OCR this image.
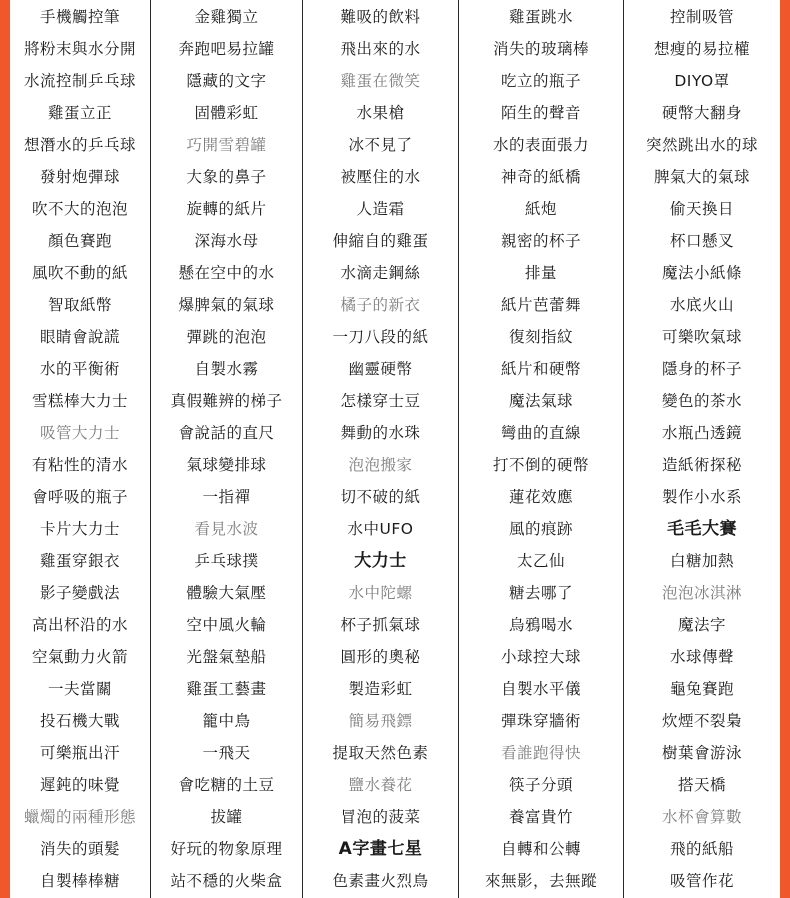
手機觸控筆
將粉末與水分開
水流控制乒乓球
雞蛋立正
想潛水的乒乓球
發射炮彈球
吹不大的泡泡
顏色賽跑
風吹不動的紙
智取紙幣
眼睛會說謊
水的平衡術
雪糕棒大力士
吸管大力士
有粘性的清水
會呼吸的瓶子
卡片大力士
雞蛋穿銀衣
影子變戲法
高出杯沿的水
空氣動力火箭
一夫當關
投石機大戰
可樂瓶出汗
遲鈍的味覺
蠟燭的兩種形態
消失的頭髮
自製棒棒糖
金雞獨立
奔跑吧易拉罐
隱藏的文字
固體彩虹
巧開雪碧罐
大象的鼻子
旋轉的紙片
深海水母
懸在空中的水
爆脾氣的氣球
彈跳的泡泡
自製水霧
真假難辨的梯子
會說話的直尺
氣球變排球
一指禪
看見水波
乒乓球撲
體驗大氣壓
空中風火輪
光盤氣墊船
雞蛋工藝畫
籠中鳥
一飛天
會吃糖的土豆
拔罐
好玩的物象原理
站不穩的火柴盒
難吸的飲料
飛出來的水
雞蛋在微笑
水果槍
冰不見了
被壓住的水
人造霜
伸縮自的雞蛋
水滴走鋼絲
橘子的新衣
一刀八段的紙
幽靈硬幣
怎樣穿士豆
舞動的水珠
泡泡搬家
切不破的紙
水中UFO
大力士
水中陀螺
杯子抓氣球
圓形的奧秘
製造彩虹
簡易飛鏢
提取天然色素
鹽水養花
冒泡的菠菜
A字畫七星
色素畫火烈鳥
雞蛋跳水
消失的玻璃棒
吃立的瓶子
陌生的聲音
水的表面張力
神奇的紙橋
紙炮
親密的杯子
排量
紙片芭蕾舞
復刻指紋
紙片和硬幣
魔法氣球
彎曲的直線
打不倒的硬幣
蓮花效應
風的痕跡
太乙仙
糖去哪了
烏鴉喝水
小球控大球
自製水平儀
彈珠穿牆術
看誰跑得快
筷子分頭
養富貴竹
自轉和公轉
來無影，去無蹤
控制吸管
想瘦的易拉權
DIYO罩
硬幣大翻身
突然跳出水的球
脾氣大的氣球
偷天換日
杯口懸叉
魔法小紙條
水底火山
可樂吹氣球
隱身的杯子
變色的茶水
水瓶凸透鏡
造紙術探秘
製作小水系
毛毛大賽
白糖加熱
泡泡冰淇淋
魔法字
水球傳聲
龜兔賽跑
炊煙不裂梟
樹葉會游泳
搭天橋
水杯會算數
飛的紙船
吸管作花
